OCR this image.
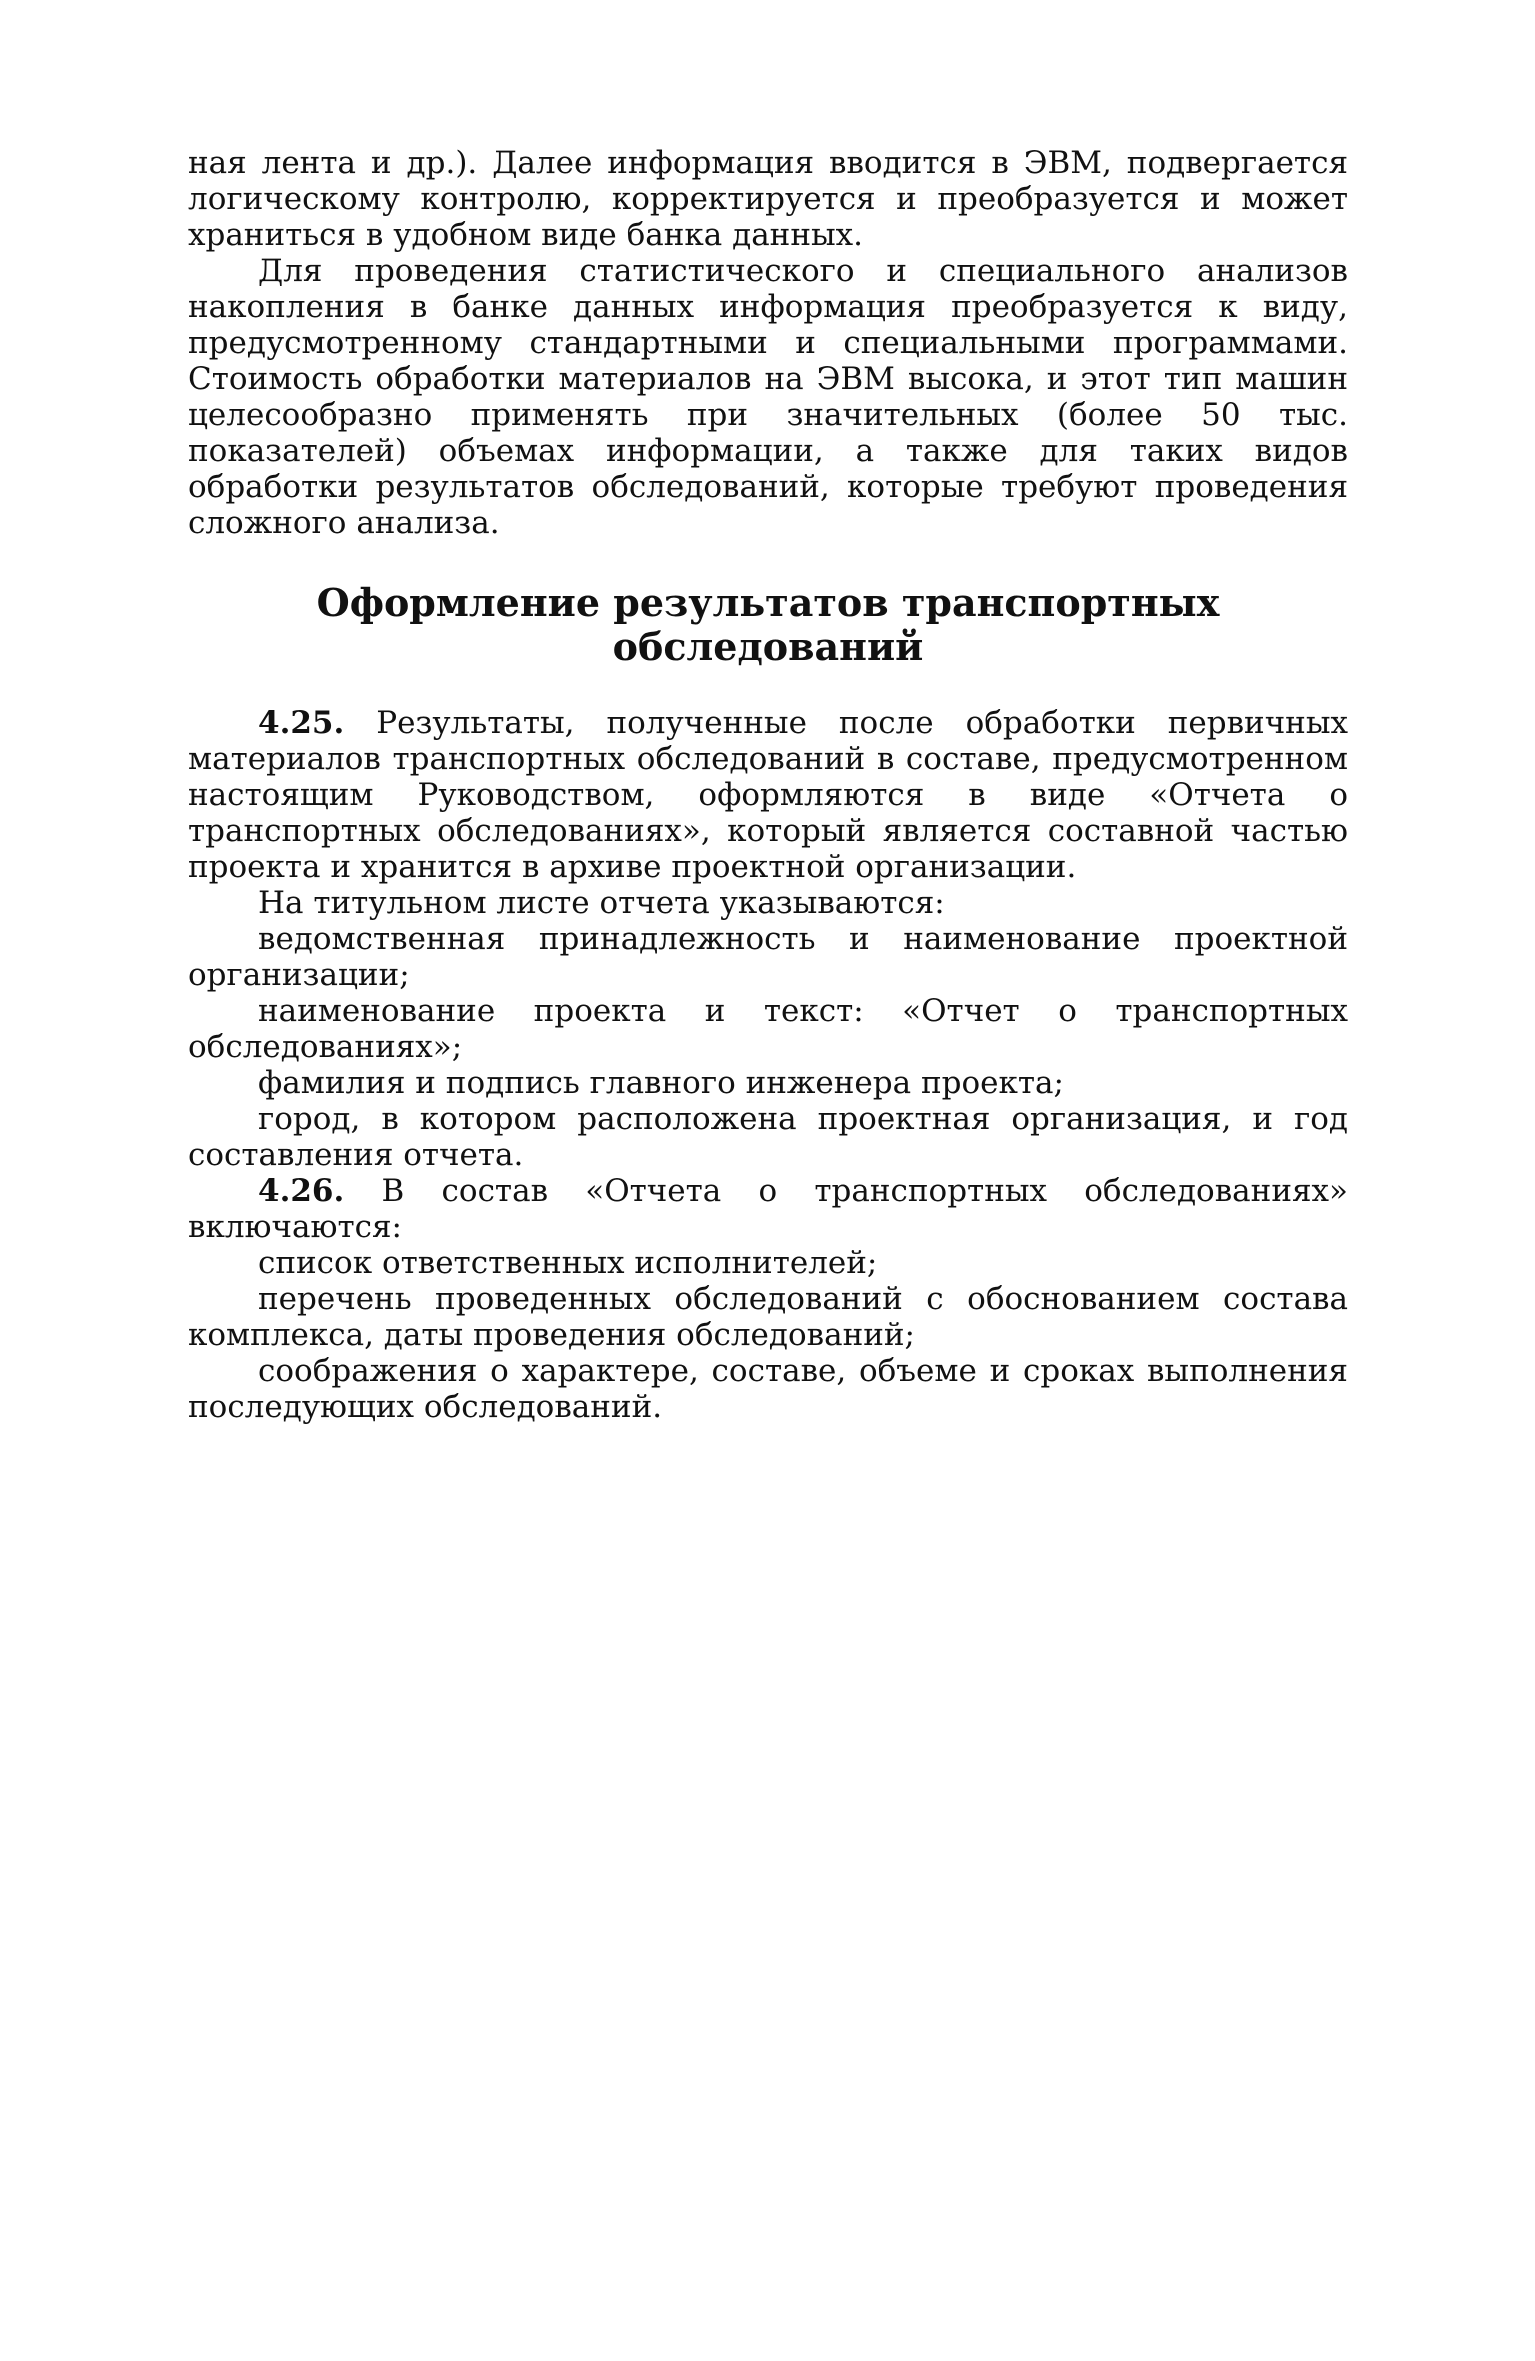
ная лента и др.). Далее информация вводится в ЭВМ, подвергается логическому контролю, корректируется и преобразуется и может храниться в удобном виде банка данных.

Для проведения статистического и специального анализов накопления в банке данных информация преобразуется к виду, предусмотренному стандартными и специальными программами. Стоимость обработки материалов на ЭВМ высока, и этот тип машин целесообразно применять при значительных (более 50 тыс. показателей) объемах информации, а также для таких видов обработки результатов обследований, которые требуют проведения сложного анализа.

Оформление результатов транспортных
обследований

4.25. Результаты, полученные после обработки первичных материалов транспортных обследований в составе, предусмотренном настоящим Руководством, оформляются в виде «Отчета о транспортных обследованиях», который является составной частью проекта и хранится в архиве проектной организации.

На титульном листе отчета указываются:

ведомственная принадлежность и наименование проектной организации;

наименование проекта и текст: «Отчет о транспортных обследованиях»;

фамилия и подпись главного инженера проекта;

город, в котором расположена проектная организация, и год составления отчета.

4.26. В состав «Отчета о транспортных обследованиях» включаются:

список ответственных исполнителей;

перечень проведенных обследований с обоснованием состава комплекса, даты проведения обследований;

соображения о характере, составе, объеме и сроках выполнения последующих обследований.
